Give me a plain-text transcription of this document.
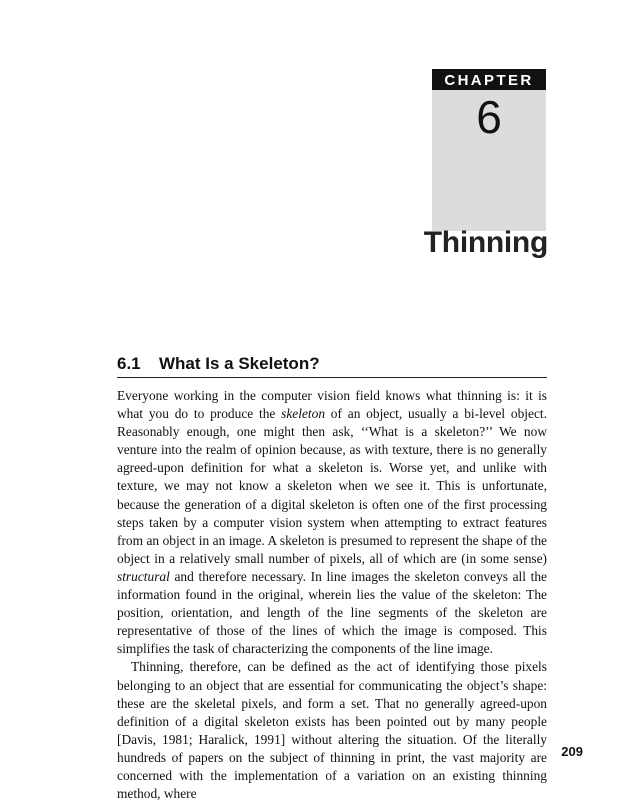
CHAPTER
6
Thinning
6.1 What Is a Skeleton?

Everyone working in the computer vision field knows what thinning is: it is what you do to produce the skeleton of an object, usually a bi-level object. Reasonably enough, one might then ask, ‘‘What is a skeleton?’’ We now venture into the realm of opinion because, as with texture, there is no generally agreed-upon definition for what a skeleton is. Worse yet, and unlike with texture, we may not know a skeleton when we see it. This is unfortunate, because the generation of a digital skeleton is often one of the first processing steps taken by a computer vision system when attempting to extract features from an object in an image. A skeleton is presumed to represent the shape of the object in a relatively small number of pixels, all of which are (in some sense) structural and therefore necessary. In line images the skeleton conveys all the information found in the original, wherein lies the value of the skeleton: The position, orientation, and length of the line segments of the skeleton are representative of those of the lines of which the image is composed. This simplifies the task of characterizing the components of the line image.

Thinning, therefore, can be defined as the act of identifying those pixels belonging to an object that are essential for communicating the object’s shape: these are the skeletal pixels, and form a set. That no generally agreed-upon definition of a digital skeleton exists has been pointed out by many people [Davis, 1981; Haralick, 1991] without altering the situation. Of the literally hundreds of papers on the subject of thinning in print, the vast majority are concerned with the implementation of a variation on an existing thinning method, where

209
